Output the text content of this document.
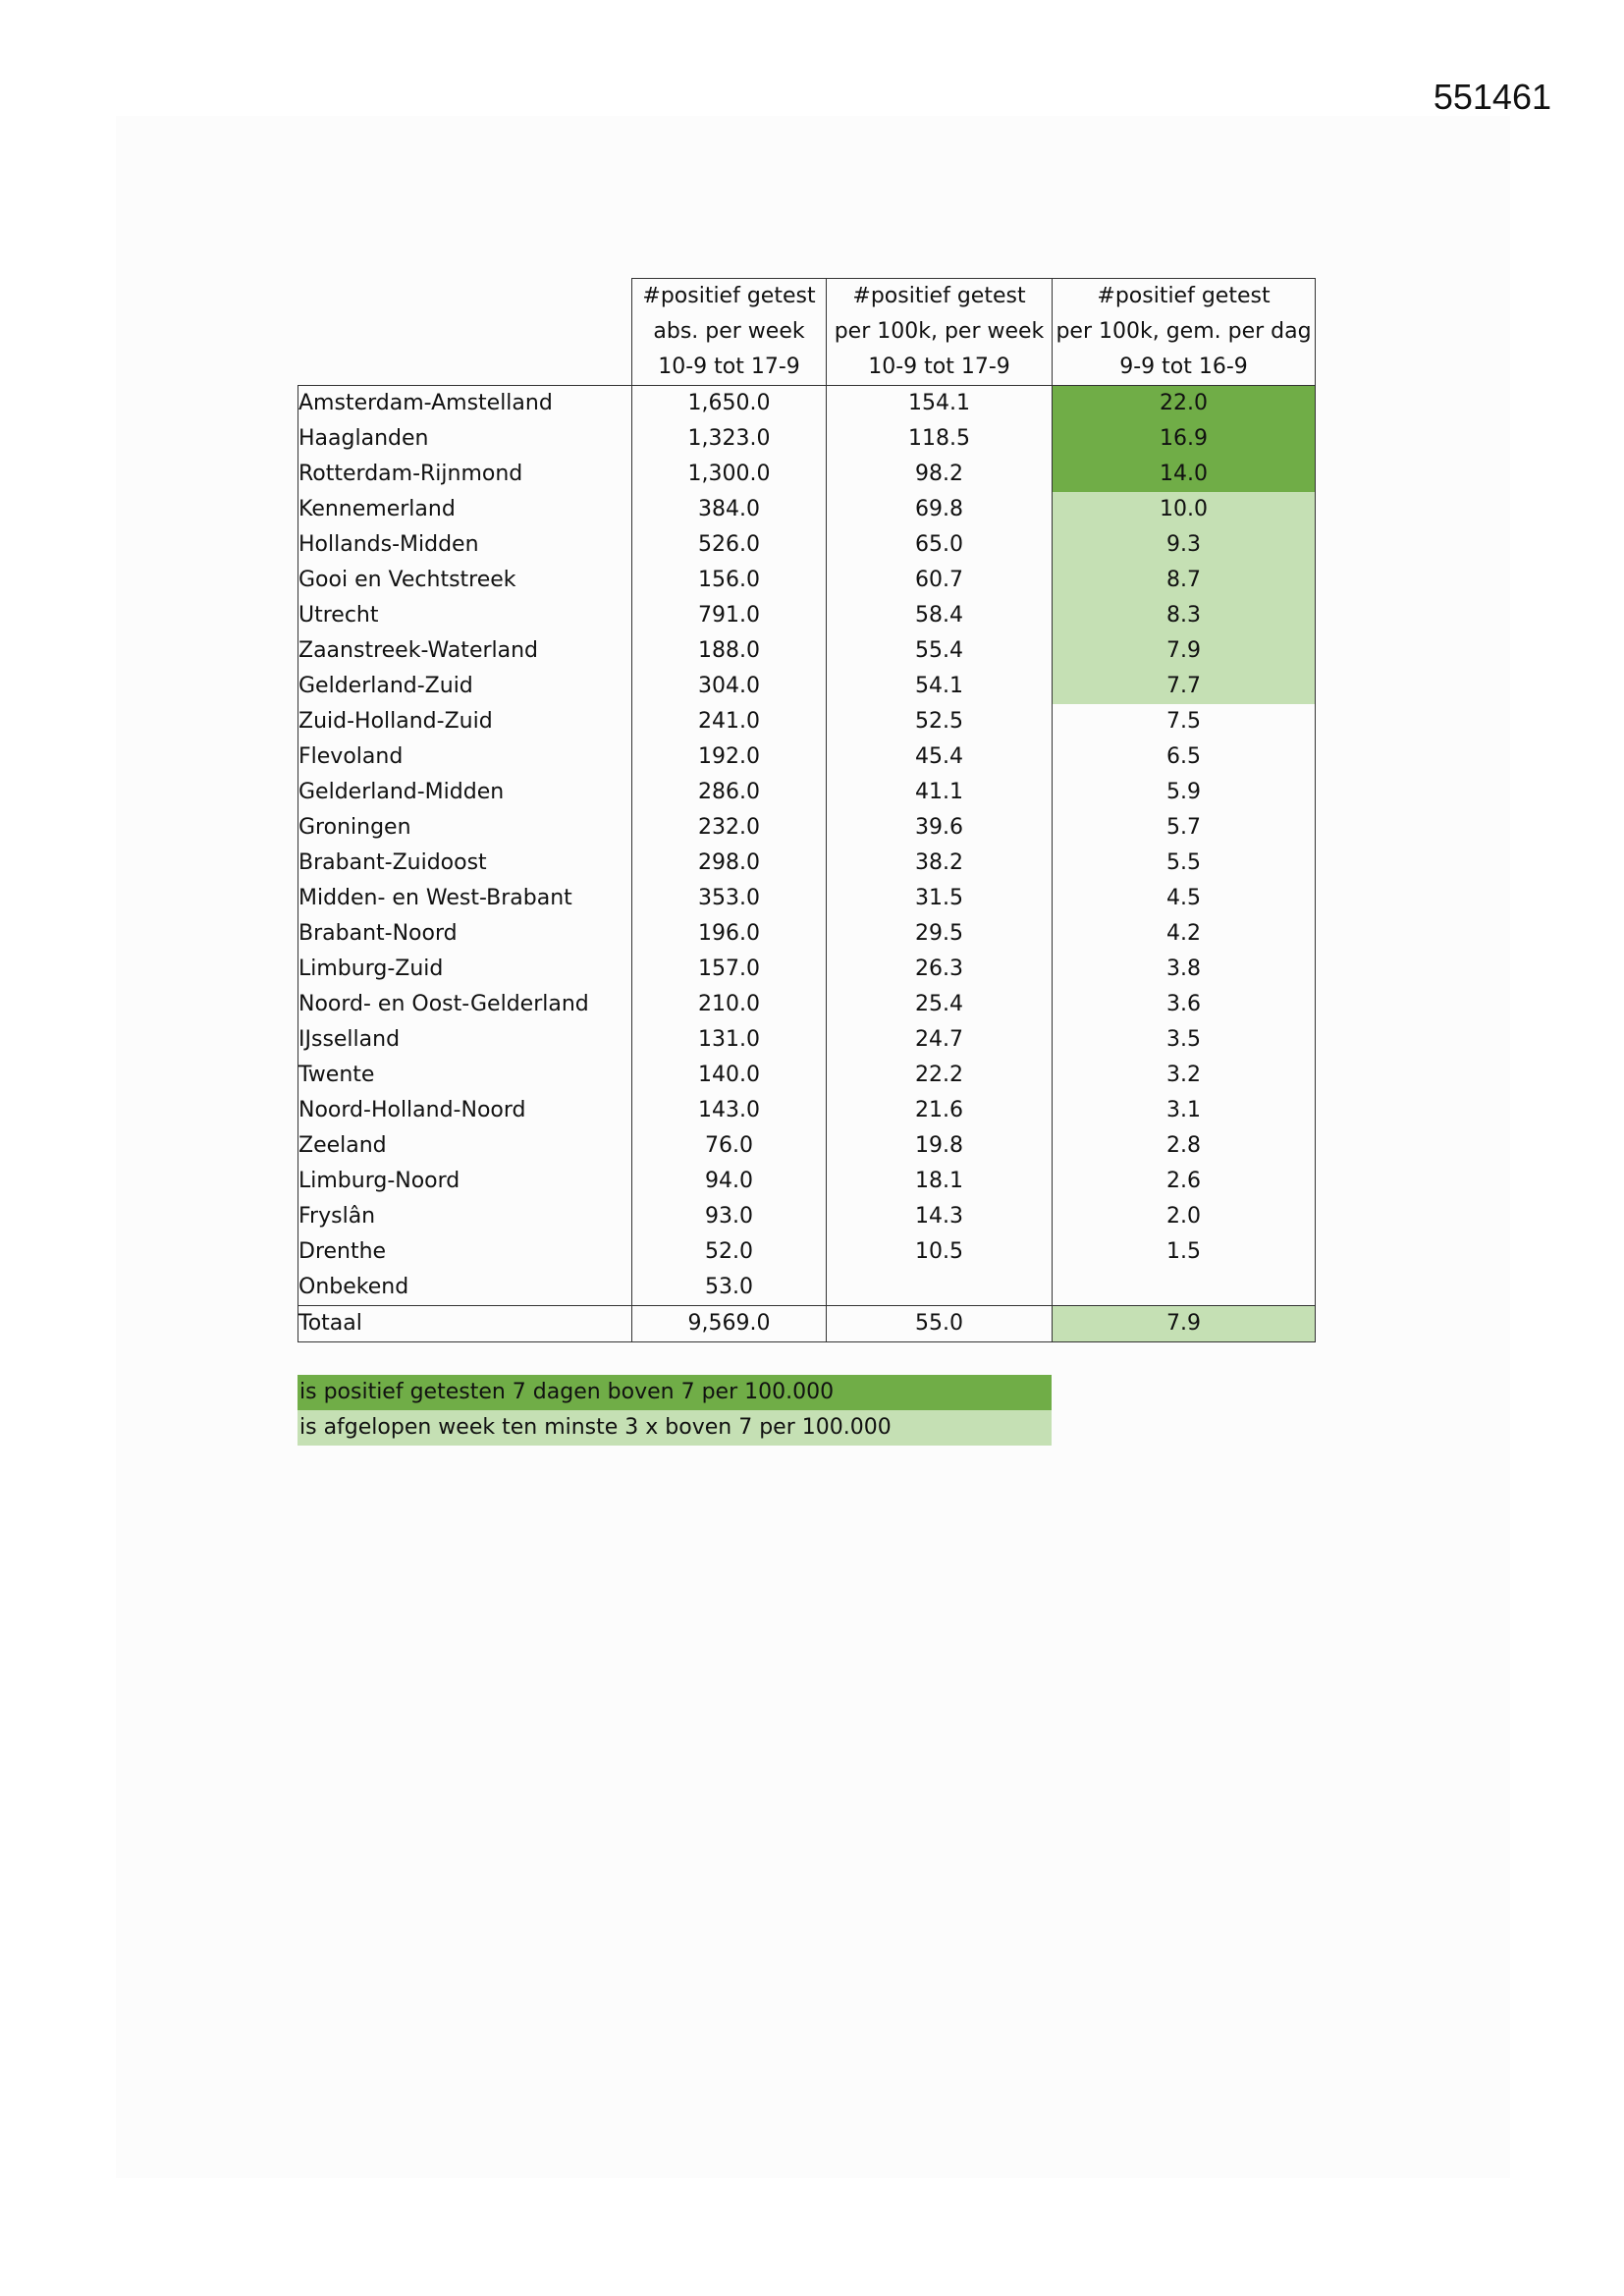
551461
	#positief getest	#positief getest	#positief getest
	abs. per week	per 100k, per week	per 100k, gem. per dag
	10-9 tot 17-9	10-9 tot 17-9	9-9 tot 16-9
Amsterdam-Amstelland	1,650.0	154.1	22.0
Haaglanden	1,323.0	118.5	16.9
Rotterdam-Rijnmond	1,300.0	98.2	14.0
Kennemerland	384.0	69.8	10.0
Hollands-Midden	526.0	65.0	9.3
Gooi en Vechtstreek	156.0	60.7	8.7
Utrecht	791.0	58.4	8.3
Zaanstreek-Waterland	188.0	55.4	7.9
Gelderland-Zuid	304.0	54.1	7.7
Zuid-Holland-Zuid	241.0	52.5	7.5
Flevoland	192.0	45.4	6.5
Gelderland-Midden	286.0	41.1	5.9
Groningen	232.0	39.6	5.7
Brabant-Zuidoost	298.0	38.2	5.5
Midden- en West-Brabant	353.0	31.5	4.5
Brabant-Noord	196.0	29.5	4.2
Limburg-Zuid	157.0	26.3	3.8
Noord- en Oost-Gelderland	210.0	25.4	3.6
IJsselland	131.0	24.7	3.5
Twente	140.0	22.2	3.2
Noord-Holland-Noord	143.0	21.6	3.1
Zeeland	76.0	19.8	2.8
Limburg-Noord	94.0	18.1	2.6
Fryslân	93.0	14.3	2.0
Drenthe	52.0	10.5	1.5
Onbekend	53.0		
Totaal	9,569.0	55.0	7.9
is positief getesten 7 dagen boven 7 per 100.000
is afgelopen week ten minste 3 x boven 7 per 100.000
